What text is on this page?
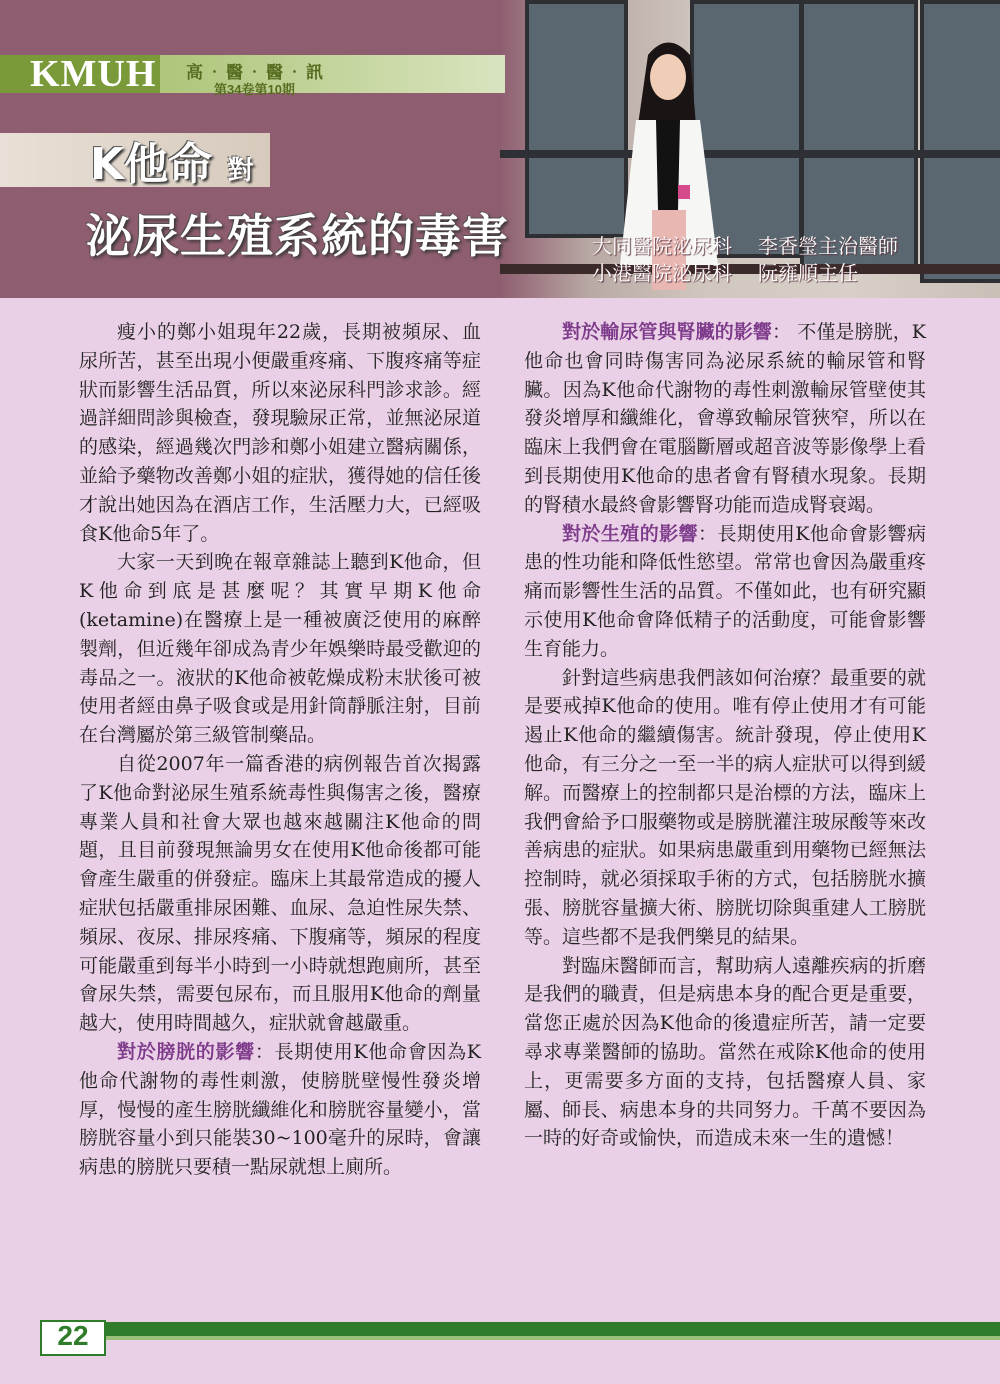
KMUH 高‧醫‧醫‧訊
第34卷第10期
K他命 對
泌尿生殖系統的毒害	大同醫院泌尿科 李香瑩主治醫師
小港醫院泌尿科 阮雍順主任

瘦小的鄭小姐現年22歲，長期被頻尿、血尿所苦，甚至出現小便嚴重疼痛、下腹疼痛等症狀而影響生活品質，所以來泌尿科門診求診。經過詳細問診與檢查，發現驗尿正常，並無泌尿道的感染，經過幾次門診和鄭小姐建立醫病關係，並給予藥物改善鄭小姐的症狀，獲得她的信任後才說出她因為在酒店工作，生活壓力大，已經吸食K他命5年了。

大家一天到晚在報章雜誌上聽到K他命，但K他命到底是甚麼呢？其實早期K他命(ketamine)在醫療上是一種被廣泛使用的麻醉製劑，但近幾年卻成為青少年娛樂時最受歡迎的毒品之一。液狀的K他命被乾燥成粉末狀後可被使用者經由鼻子吸食或是用針筒靜脈注射，目前在台灣屬於第三級管制藥品。

自從2007年一篇香港的病例報告首次揭露了K他命對泌尿生殖系統毒性與傷害之後，醫療專業人員和社會大眾也越來越關注K他命的問題，且目前發現無論男女在使用K他命後都可能會產生嚴重的併發症。臨床上其最常造成的擾人症狀包括嚴重排尿困難、血尿、急迫性尿失禁、頻尿、夜尿、排尿疼痛、下腹痛等，頻尿的程度可能嚴重到每半小時到一小時就想跑廁所，甚至會尿失禁，需要包尿布，而且服用K他命的劑量越大，使用時間越久，症狀就會越嚴重。

對於膀胱的影響：長期使用K他命會因為K他命代謝物的毒性刺激，使膀胱壁慢性發炎增厚，慢慢的產生膀胱纖維化和膀胱容量變小，當膀胱容量小到只能裝30~100毫升的尿時，會讓病患的膀胱只要積一點尿就想上廁所。

對於輸尿管與腎臟的影響： 不僅是膀胱，K他命也會同時傷害同為泌尿系統的輸尿管和腎臟。因為K他命代謝物的毒性刺激輸尿管壁使其發炎增厚和纖維化，會導致輸尿管狹窄，所以在臨床上我們會在電腦斷層或超音波等影像學上看到長期使用K他命的患者會有腎積水現象。長期的腎積水最終會影響腎功能而造成腎衰竭。

對於生殖的影響：長期使用K他命會影響病患的性功能和降低性慾望。常常也會因為嚴重疼痛而影響性生活的品質。不僅如此，也有研究顯示使用K他命會降低精子的活動度，可能會影響生育能力。

針對這些病患我們該如何治療？最重要的就是要戒掉K他命的使用。唯有停止使用才有可能遏止K他命的繼續傷害。統計發現，停止使用K他命，有三分之一至一半的病人症狀可以得到緩解。而醫療上的控制都只是治標的方法，臨床上我們會給予口服藥物或是膀胱灌注玻尿酸等來改善病患的症狀。如果病患嚴重到用藥物已經無法控制時，就必須採取手術的方式，包括膀胱水擴張、膀胱容量擴大術、膀胱切除與重建人工膀胱等。這些都不是我們樂見的結果。

對臨床醫師而言，幫助病人遠離疾病的折磨是我們的職責，但是病患本身的配合更是重要，當您正處於因為K他命的後遺症所苦，請一定要尋求專業醫師的協助。當然在戒除K他命的使用上，更需要多方面的支持，包括醫療人員、家屬、師長、病患本身的共同努力。千萬不要因為一時的好奇或愉快，而造成未來一生的遺憾！

22
